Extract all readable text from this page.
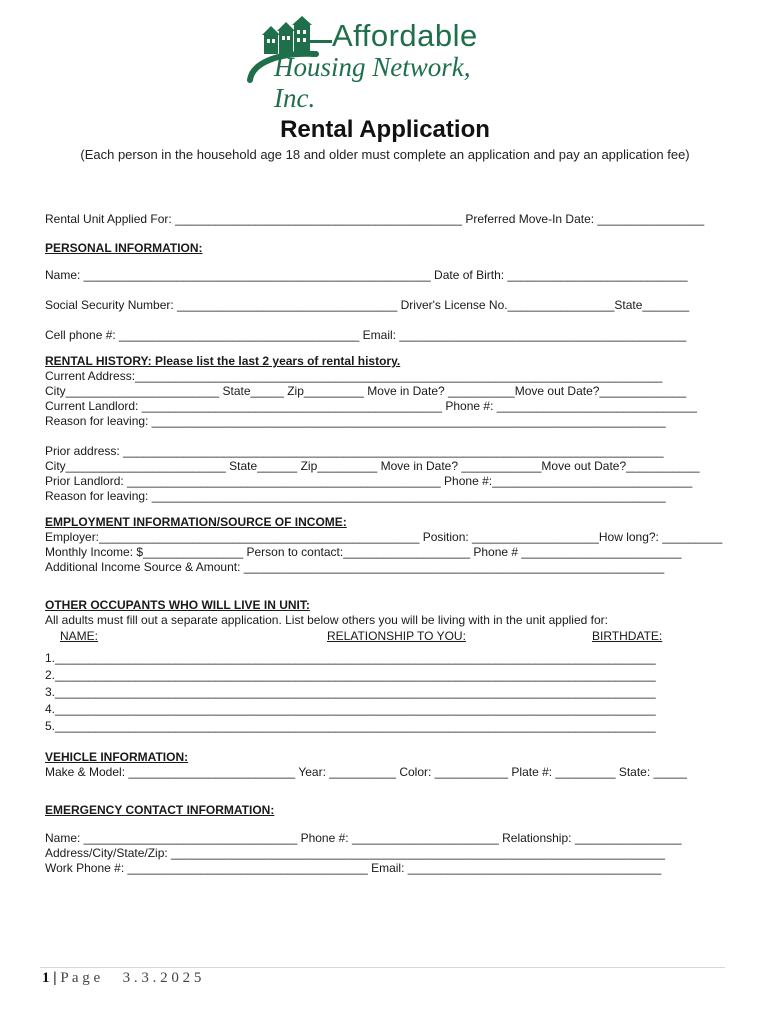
Affordable
Housing Network, Inc.
Rental Application
(Each person in the household age 18 and older must complete an application and pay an application fee)
Rental Unit Applied For: ___________________________________________ Preferred Move-In Date: ________________
PERSONAL INFORMATION:
Name: ____________________________________________________ Date of Birth: ___________________________
Social Security Number: _________________________________ Driver's License No.________________State_______
Cell phone #: ____________________________________ Email: ___________________________________________
RENTAL HISTORY: Please list the last 2 years of rental history.
Current Address:_______________________________________________________________________________
City_______________________ State_____ Zip_________ Move in Date? __________Move out Date?_____________
Current Landlord: _____________________________________________ Phone #: ______________________________
Reason for leaving: _____________________________________________________________________________
Prior address: _________________________________________________________________________________
City________________________ State______ Zip_________ Move in Date? ____________Move out Date?___________
Prior Landlord: _______________________________________________ Phone #:______________________________
Reason for leaving: _____________________________________________________________________________
EMPLOYMENT INFORMATION/SOURCE OF INCOME:
Employer:________________________________________________ Position: ___________________How long?: _________
Monthly Income: $_______________ Person to contact:___________________ Phone # ________________________
Additional Income Source & Amount: _______________________________________________________________
OTHER OCCUPANTS WHO WILL LIVE IN UNIT:
All adults must fill out a separate application. List below others you will be living with in the unit applied for:
NAME:	RELATIONSHIP TO YOU:	BIRTHDATE:
1.__________________________________________________________________________________________
2.__________________________________________________________________________________________
3.__________________________________________________________________________________________
4.__________________________________________________________________________________________
5.__________________________________________________________________________________________
VEHICLE INFORMATION:
Make & Model: _________________________ Year: __________ Color: ___________ Plate #: _________ State: _____
EMERGENCY CONTACT INFORMATION:
Name: ________________________________ Phone #: ______________________ Relationship: ________________
Address/City/State/Zip: __________________________________________________________________________
Work Phone #: ____________________________________ Email: ______________________________________
1 | P a g e 3 . 3 . 2 0 2 5
